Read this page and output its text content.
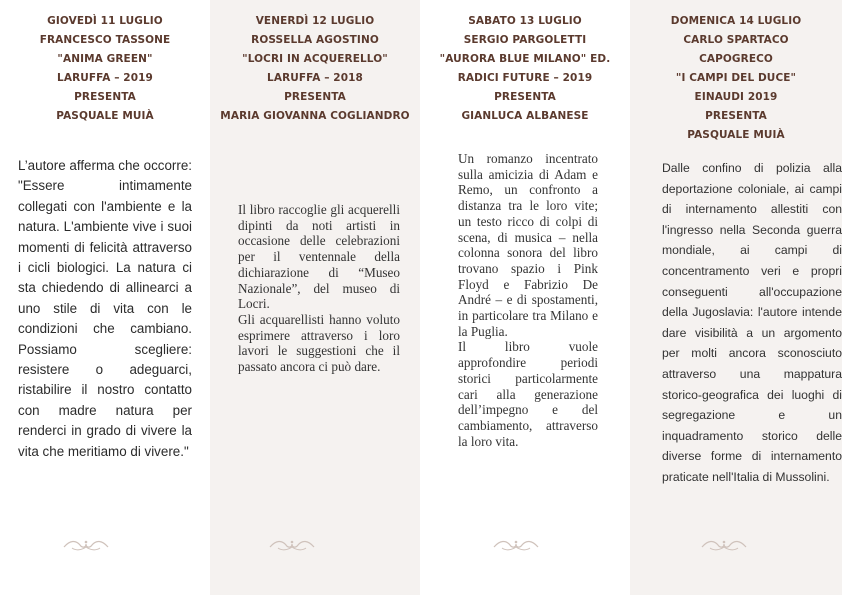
GIOVEDÌ 11 LUGLIO
FRANCESCO TASSONE
"ANIMA GREEN"
LARUFFA – 2019
PRESENTA
PASQUALE MUIÀ

L’autore afferma che occorre: "Essere intimamente collegati con l'ambiente e la natura. L'ambiente vive i suoi momenti di felicità attraverso i cicli biologici. La natura ci sta chiedendo di allinearci a uno stile di vita con le condizioni che cambiano. Possiamo scegliere: resistere o adeguarci, ristabilire il nostro contatto con madre natura per renderci in grado di vivere la vita che meritiamo di vivere."

VENERDÌ 12 LUGLIO
ROSSELLA AGOSTINO
"LOCRI IN ACQUERELLO"
LARUFFA – 2018
PRESENTA
MARIA GIOVANNA COGLIANDRO

Il libro raccoglie gli acquerelli dipinti da noti artisti in occasione delle celebrazioni per il ventennale della dichiarazione di “Museo Nazionale”, del museo di Locri.

Gli acquarellisti hanno voluto esprimere attraverso i loro lavori le suggestioni che il passato ancora ci può dare.

SABATO 13 LUGLIO
SERGIO PARGOLETTI
"AURORA BLUE MILANO" ED.
RADICI FUTURE – 2019
PRESENTA
GIANLUCA ALBANESE

Un romanzo incentrato sulla amicizia di Adam e Remo, un confronto a distanza tra le loro vite; un testo ricco di colpi di scena, di musica – nella colonna sonora del libro trovano spazio i Pink Floyd e Fabrizio De André – e di spostamenti, in particolare tra Milano e la Puglia.

Il libro vuole approfondire periodi storici particolarmente cari alla generazione dell’impegno e del cambiamento, attraverso la loro vita.

DOMENICA 14 LUGLIO
CARLO SPARTACO
CAPOGRECO
"I CAMPI DEL DUCE"
EINAUDI 2019
PRESENTA
PASQUALE MUIÀ

Dalle confino di polizia alla deportazione coloniale, ai campi di internamento allestiti con l'ingresso nella Seconda guerra mondiale, ai campi di concentramento veri e propri conseguenti all'occupazione della Jugoslavia: l'autore intende dare visibilità a un argomento per molti ancora sconosciuto attraverso una mappatura storico-geografica dei luoghi di segregazione e un inquadramento storico delle diverse forme di internamento praticate nell'Italia di Mussolini.
